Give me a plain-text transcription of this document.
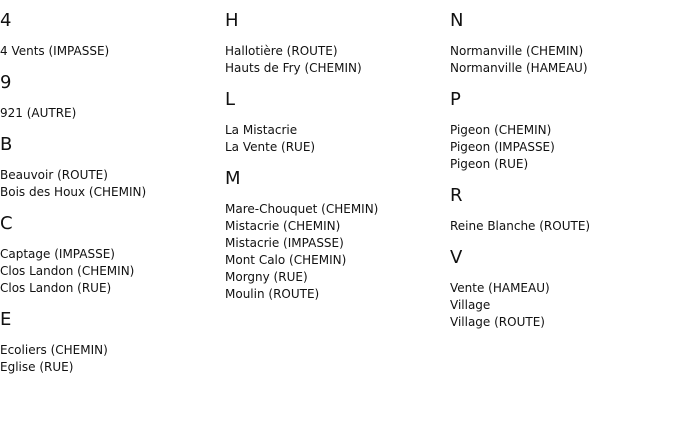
4
4 Vents (IMPASSE)
9
921 (AUTRE)
B
Beauvoir (ROUTE)
Bois des Houx (CHEMIN)
C
Captage (IMPASSE)
Clos Landon (CHEMIN)
Clos Landon (RUE)
E
Ecoliers (CHEMIN)
Eglise (RUE)
H
Hallotière (ROUTE)
Hauts de Fry (CHEMIN)
L
La Mistacrie
La Vente (RUE)
M
Mare-Chouquet (CHEMIN)
Mistacrie (CHEMIN)
Mistacrie (IMPASSE)
Mont Calo (CHEMIN)
Morgny (RUE)
Moulin (ROUTE)
N
Normanville (CHEMIN)
Normanville (HAMEAU)
P
Pigeon (CHEMIN)
Pigeon (IMPASSE)
Pigeon (RUE)
R
Reine Blanche (ROUTE)
V
Vente (HAMEAU)
Village
Village (ROUTE)
